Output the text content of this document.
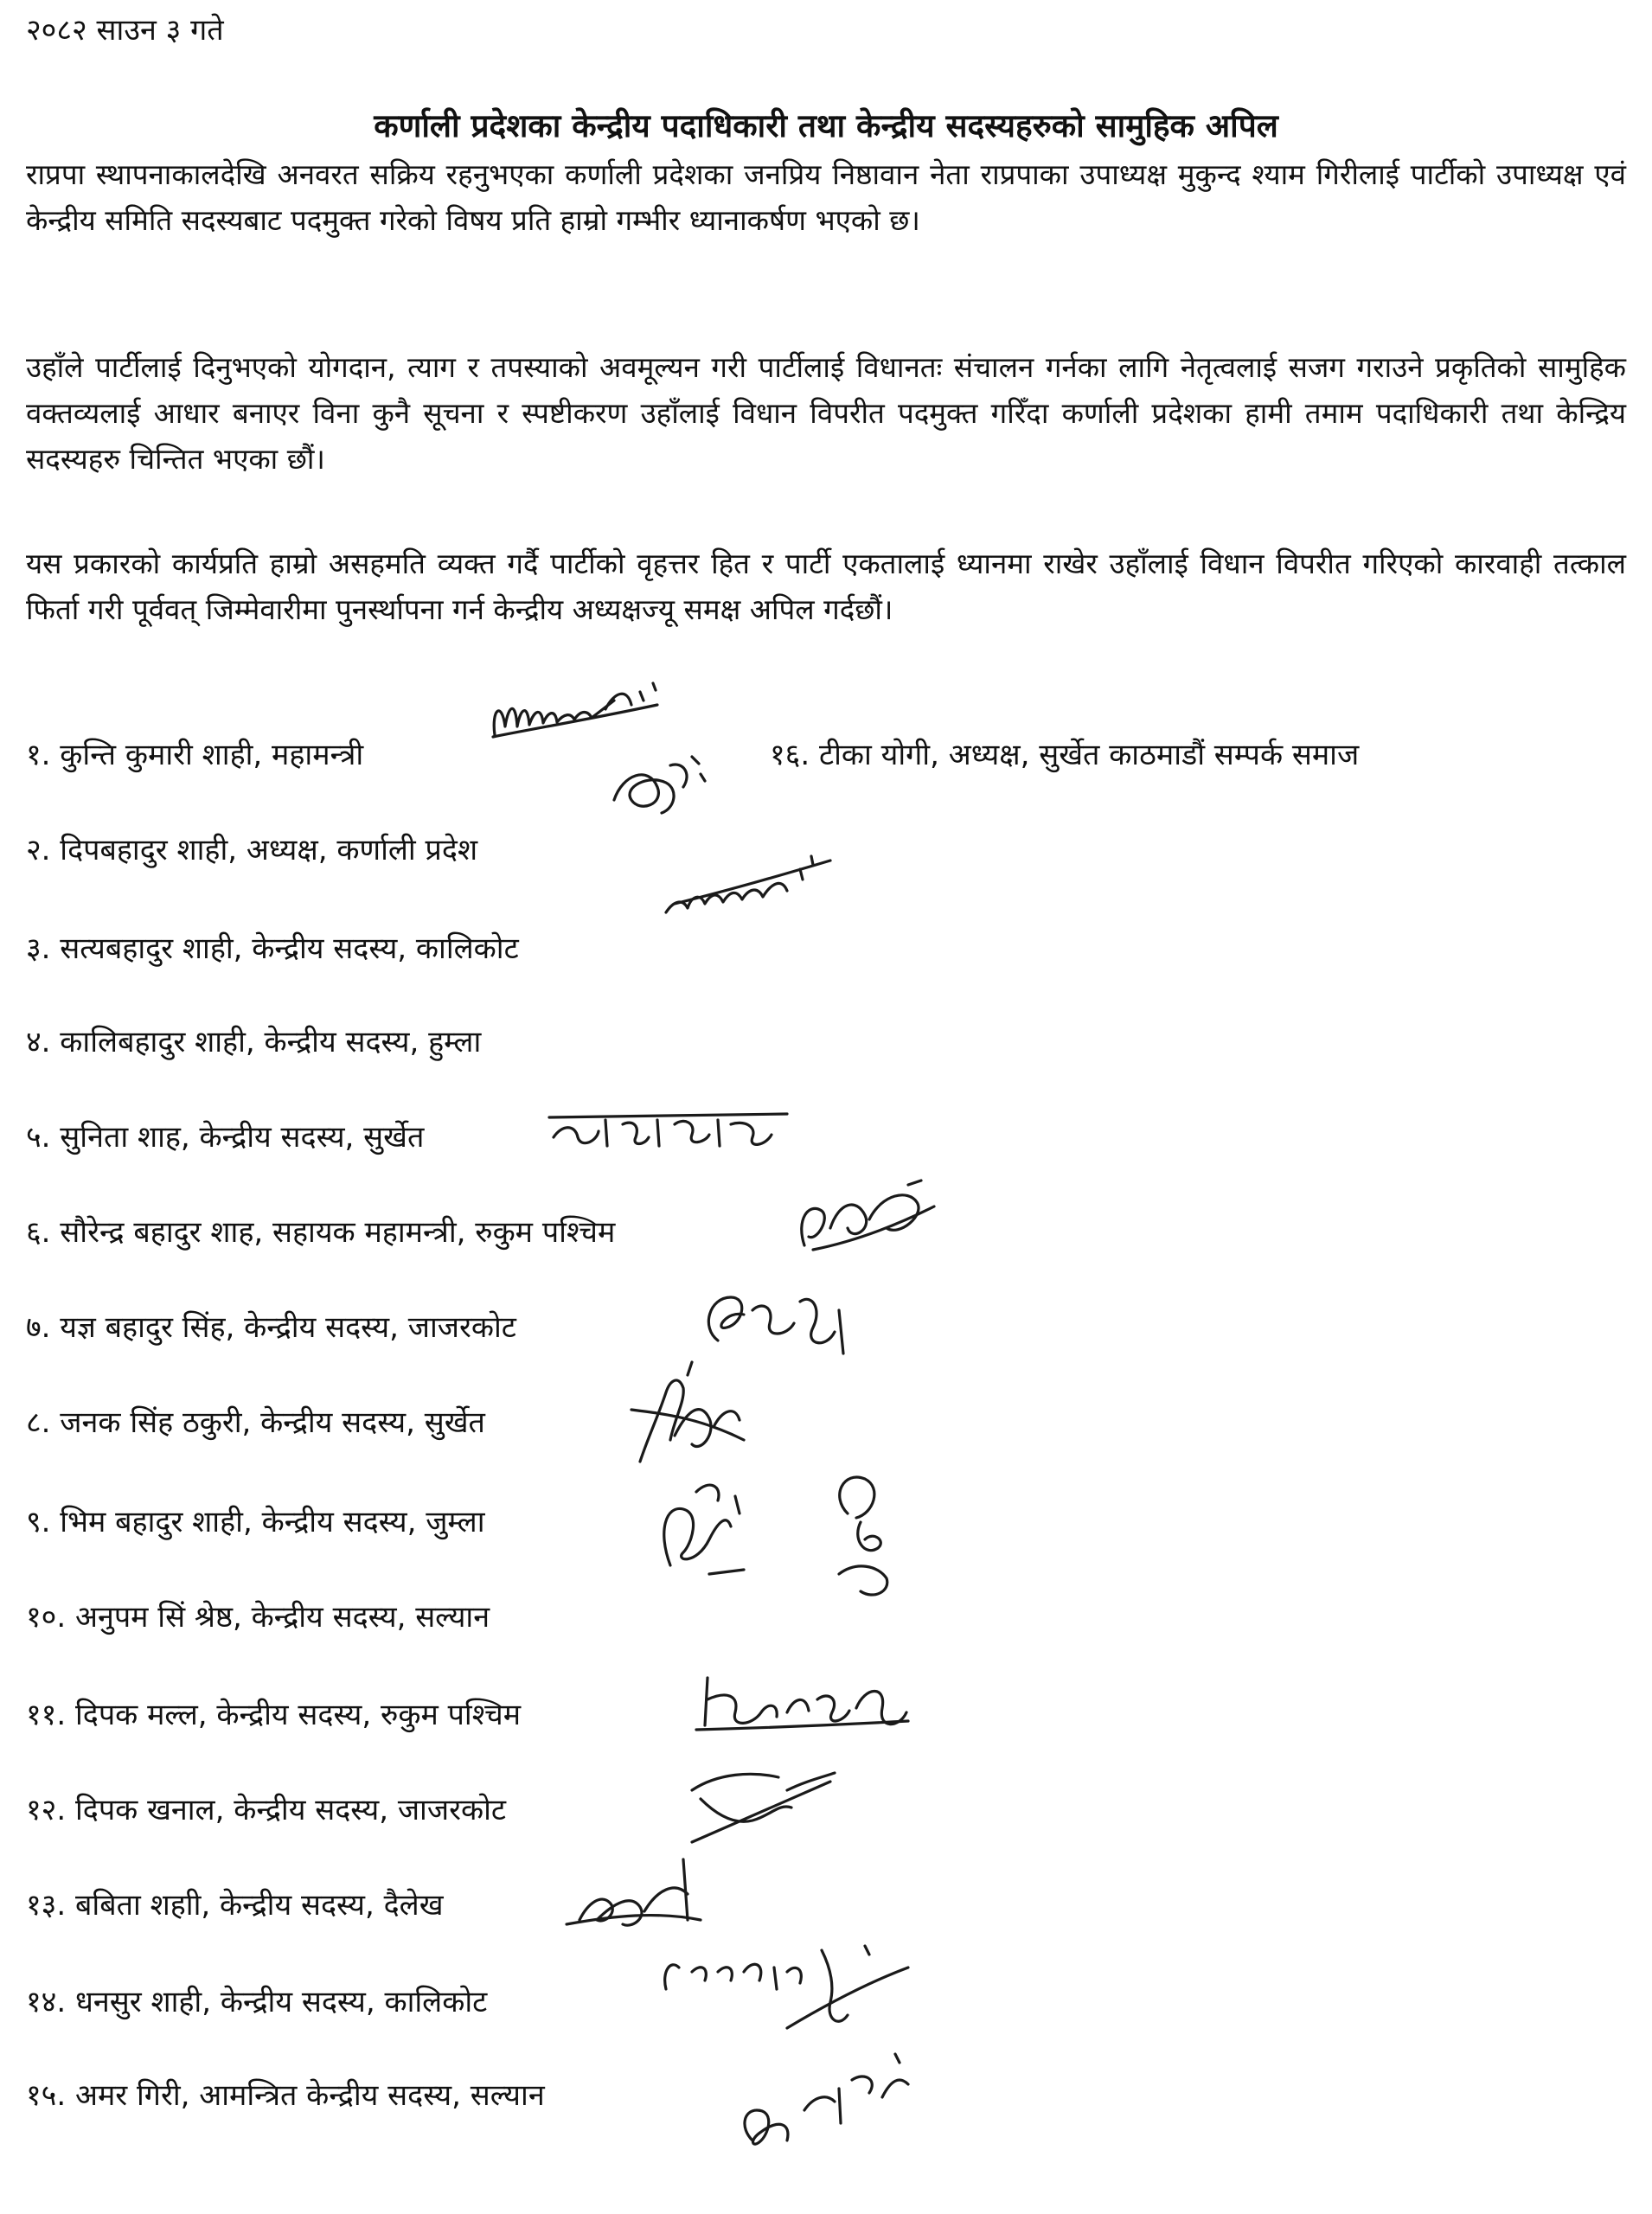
२०८२ साउन ३ गते
कर्णाली प्रदेशका केन्द्रीय पदाधिकारी तथा केन्द्रीय सदस्यहरुको सामुहिक अपिल

राप्रपा स्थापनाकालदेखि अनवरत सक्रिय रहनुभएका कर्णाली प्रदेशका जनप्रिय निष्ठावान नेता राप्रपाका उपाध्यक्ष मुकुन्द श्याम गिरीलाई पार्टीको उपाध्यक्ष एवं केन्द्रीय समिति सदस्यबाट पदमुक्त गरेको विषय प्रति हाम्रो गम्भीर ध्यानाकर्षण भएको छ।

उहाँले पार्टीलाई दिनुभएको योगदान, त्याग र तपस्याको अवमूल्यन गरी पार्टीलाई विधानतः संचालन गर्नका लागि नेतृत्वलाई सजग गराउने प्रकृतिको सामुहिक वक्तव्यलाई आधार बनाएर विना कुनै सूचना र स्पष्टीकरण उहाँलाई विधान विपरीत पदमुक्त गरिँदा कर्णाली प्रदेशका हामी तमाम पदाधिकारी तथा केन्द्रिय सदस्यहरु चिन्तित भएका छौं।

यस प्रकारको कार्यप्रति हाम्रो असहमति व्यक्त गर्दै पार्टीको वृहत्तर हित र पार्टी एकतालाई ध्यानमा राखेर उहाँलाई विधान विपरीत गरिएको कारवाही तत्काल फिर्ता गरी पूर्ववत् जिम्मेवारीमा पुनर्स्थापना गर्न केन्द्रीय अध्यक्षज्यू समक्ष अपिल गर्दछौं।

१. कुन्ति कुमारी शाही, महामन्त्री
२. दिपबहादुर शाही, अध्यक्ष, कर्णाली प्रदेश
३. सत्यबहादुर शाही, केन्द्रीय सदस्य, कालिकोट
४. कालिबहादुर शाही, केन्द्रीय सदस्य, हुम्ला
५. सुनिता शाह, केन्द्रीय सदस्य, सुर्खेत
६. सौरेन्द्र बहादुर शाह, सहायक महामन्त्री, रुकुम पश्चिम
७. यज्ञ बहादुर सिंह, केन्द्रीय सदस्य, जाजरकोट
८. जनक सिंह ठकुरी, केन्द्रीय सदस्य, सुर्खेत
९. भिम बहादुर शाही, केन्द्रीय सदस्य, जुम्ला
१०. अनुपम सिं श्रेष्ठ, केन्द्रीय सदस्य, सल्यान
११. दिपक मल्ल, केन्द्रीय सदस्य, रुकुम पश्चिम
१२. दिपक खनाल, केन्द्रीय सदस्य, जाजरकोट
१३. बबिता शहाी, केन्द्रीय सदस्य, दैलेख
१४. धनसुर शाही, केन्द्रीय सदस्य, कालिकोट
१५. अमर गिरी, आमन्त्रित केन्द्रीय सदस्य, सल्यान
१६. टीका योगी, अध्यक्ष, सुर्खेत काठमाडौं सम्पर्क समाज
